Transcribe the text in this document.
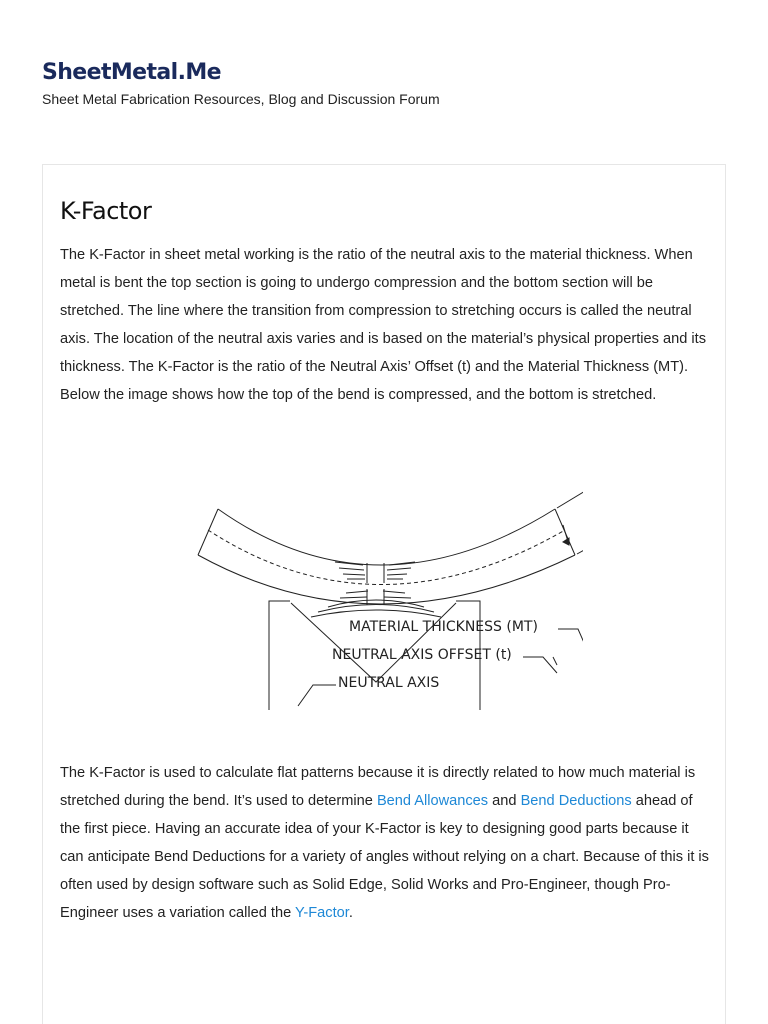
SheetMetal.Me

Sheet Metal Fabrication Resources, Blog and Discussion Forum

K-Factor

The K-Factor in sheet metal working is the ratio of the neutral axis to the material thickness. When metal is bent the top section is going to undergo compression and the bottom section will be stretched. The line where the transition from compression to stretching occurs is called the neutral axis. The location of the neutral axis varies and is based on the material’s physical properties and its thickness. The K-Factor is the ratio of the Neutral Axis’ Offset (t) and the Material Thickness (MT). Below the image shows how the top of the bend is compressed, and the bottom is stretched.

MATERIAL THICKNESS (MT)
NEUTRAL AXIS OFFSET (t)
NEUTRAL AXIS

The K-Factor is used to calculate flat patterns because it is directly related to how much material is stretched during the bend. It’s used to determine Bend Allowances and Bend Deductions ahead of the first piece. Having an accurate idea of your K-Factor is key to designing good parts because it can anticipate Bend Deductions for a variety of angles without relying on a chart. Because of this it is often used by design software such as Solid Edge, Solid Works and Pro-Engineer, though Pro-Engineer uses a variation called the Y-Factor.
